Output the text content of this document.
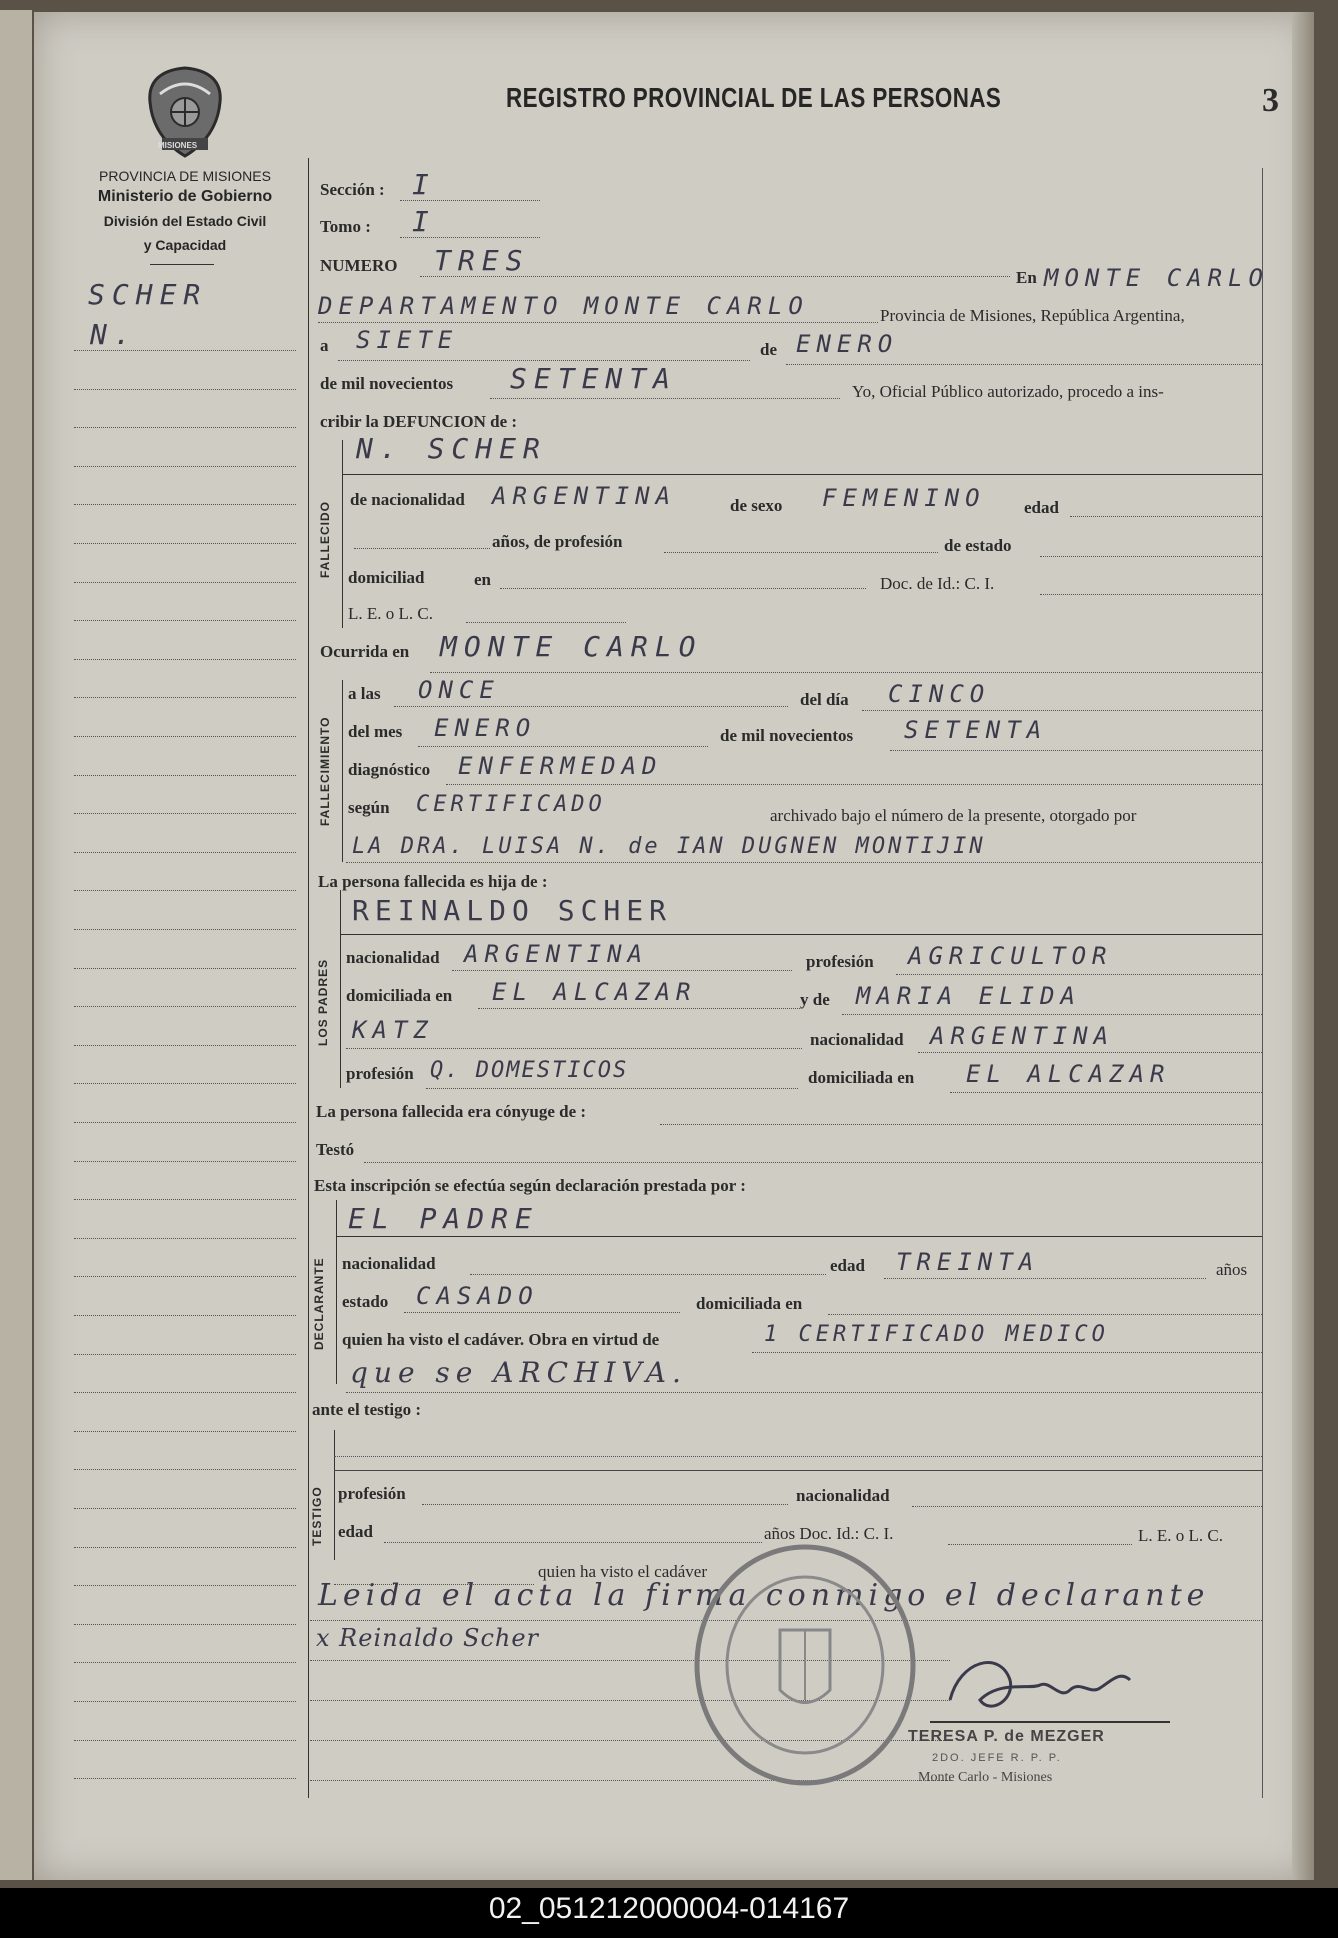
MISIONES
PROVINCIA DE MISIONES
Ministerio de Gobierno
División del Estado Civil
y Capacidad
REGISTRO PROVINCIAL DE LAS PERSONAS	3
SCHER
N.
Sección : I
Tomo : I
NUMERO TRES
En MONTE CARLO
DEPARTAMENTO MONTE CARLO	Provincia de Misiones, República Argentina,
a SIETE	de ENERO
de mil novecientos SETENTA	Yo, Oficial Público autorizado, procedo a ins-
cribir la DEFUNCION de :
FALLECIDO
N. SCHER
de nacionalidad ARGENTINA	de sexo FEMENINO edad
años, de profesión	de estado
domiciliad	en	Doc. de Id.: C. I.
L. E. o L. C.
Ocurrida en MONTE CARLO
FALLECIMIENTO
a las ONCE	del día CINCO
del mes ENERO	de mil novecientos SETENTA
diagnóstico ENFERMEDAD
según CERTIFICADO	archivado bajo el número de la presente, otorgado por
LA DRA. LUISA N. de IAN DUGNEN MONTIJIN
La persona fallecida es hija de :
LOS PADRES
REINALDO SCHER
nacionalidad ARGENTINA	profesión AGRICULTOR
domiciliada en EL ALCAZAR	y de MARIA ELIDA
KATZ	nacionalidad ARGENTINA
profesión Q. DOMESTICOS	domiciliada en EL ALCAZAR
La persona fallecida era cónyuge de :
Testó
Esta inscripción se efectúa según declaración prestada por :
DECLARANTE
EL PADRE
nacionalidad	edad TREINTA	años
estado CASADO	domiciliada en
quien ha visto el cadáver. Obra en virtud de	1 CERTIFICADO MEDICO
que se ARCHIVA.
ante el testigo :
TESTIGO profesión	nacionalidad
edad	años Doc. Id.: C. I.	L. E. o L. C.
quien ha visto el cadáver
Leida el acta la firma conmigo el declarante
x Reinaldo Scher
TERESA P. de MEZGER
2DO. JEFE R. P. P.
Monte Carlo - Misiones
02_051212000004-014167
